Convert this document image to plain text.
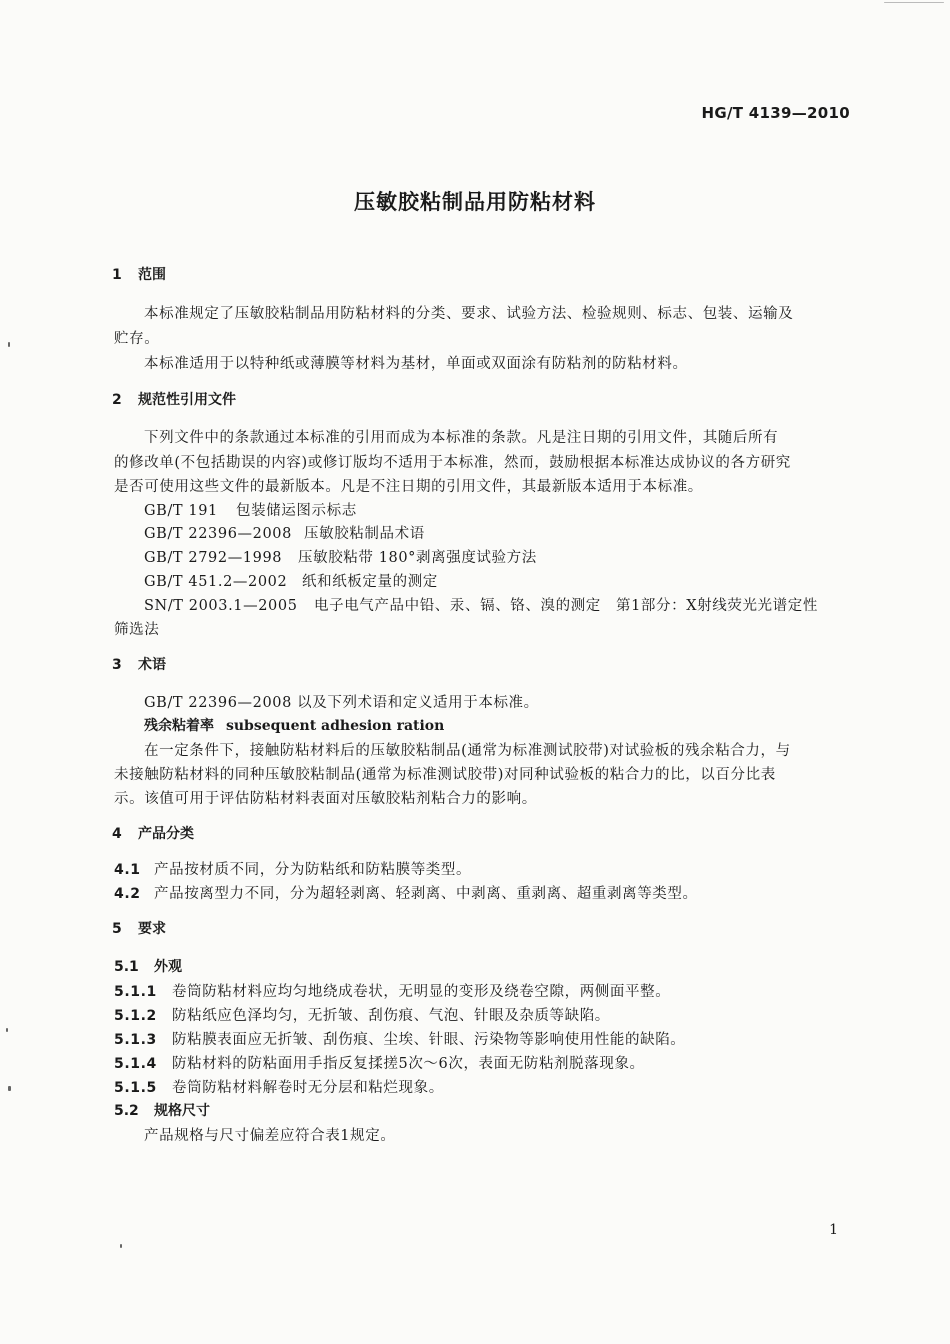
HG/T 4139—2010
压敏胶粘制品用防粘材料
1 范围
本标准规定了压敏胶粘制品用防粘材料的分类、要求、试验方法、检验规则、标志、包装、运输及
贮存。
本标准适用于以特种纸或薄膜等材料为基材，单面或双面涂有防粘剂的防粘材料。
2 规范性引用文件
下列文件中的条款通过本标准的引用而成为本标准的条款。凡是注日期的引用文件，其随后所有
的修改单(不包括勘误的内容)或修订版均不适用于本标准，然而，鼓励根据本标准达成协议的各方研究
是否可使用这些文件的最新版本。凡是不注日期的引用文件，其最新版本适用于本标准。
GB/T 191 包装储运图示标志
GB/T 22396—2008 压敏胶粘制品术语
GB/T 2792—1998 压敏胶粘带 180°剥离强度试验方法
GB/T 451.2—2002 纸和纸板定量的测定
SN/T 2003.1—2005 电子电气产品中铅、汞、镉、铬、溴的测定　第1部分：X射线荧光光谱定性
筛选法
3 术语
GB/T 22396—2008 以及下列术语和定义适用于本标准。
残余粘着率 subsequent adhesion ration
在一定条件下，接触防粘材料后的压敏胶粘制品(通常为标准测试胶带)对试验板的残余粘合力，与
未接触防粘材料的同种压敏胶粘制品(通常为标准测试胶带)对同种试验板的粘合力的比，以百分比表
示。该值可用于评估防粘材料表面对压敏胶粘剂粘合力的影响。
4 产品分类
4.1 产品按材质不同，分为防粘纸和防粘膜等类型。
4.2 产品按离型力不同，分为超轻剥离、轻剥离、中剥离、重剥离、超重剥离等类型。
5 要求
5.1 外观
5.1.1 卷筒防粘材料应均匀地绕成卷状，无明显的变形及绕卷空隙，两侧面平整。
5.1.2 防粘纸应色泽均匀，无折皱、刮伤痕、气泡、针眼及杂质等缺陷。
5.1.3 防粘膜表面应无折皱、刮伤痕、尘埃、针眼、污染物等影响使用性能的缺陷。
5.1.4 防粘材料的防粘面用手指反复揉搓5次～6次，表面无防粘剂脱落现象。
5.1.5 卷筒防粘材料解卷时无分层和粘烂现象。
5.2 规格尺寸
产品规格与尺寸偏差应符合表1规定。
1
